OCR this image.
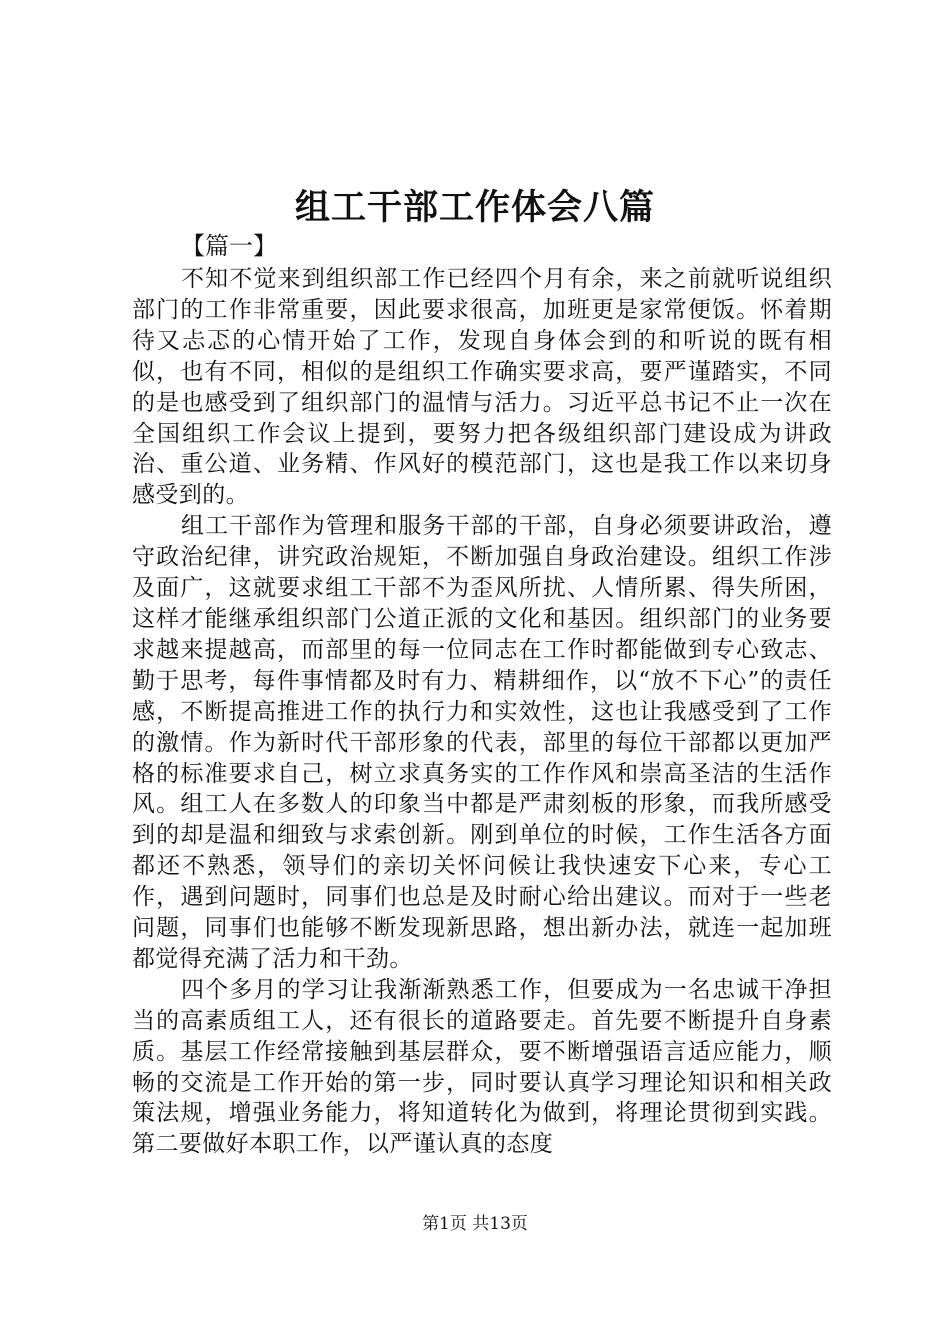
组工干部工作体会八篇

【篇一】

不知不觉来到组织部工作已经四个月有余，来之前就听说组织部门的工作非常重要，因此要求很高，加班更是家常便饭。怀着期待又忐忑的心情开始了工作，发现自身体会到的和听说的既有相似，也有不同，相似的是组织工作确实要求高，要严谨踏实，不同的是也感受到了组织部门的温情与活力。习近平总书记不止一次在全国组织工作会议上提到，要努力把各级组织部门建设成为讲政治、重公道、业务精、作风好的模范部门，这也是我工作以来切身感受到的。

组工干部作为管理和服务干部的干部，自身必须要讲政治，遵守政治纪律，讲究政治规矩，不断加强自身政治建设。组织工作涉及面广，这就要求组工干部不为歪风所扰、人情所累、得失所困，这样才能继承组织部门公道正派的文化和基因。组织部门的业务要求越来提越高，而部里的每一位同志在工作时都能做到专心致志、勤于思考，每件事情都及时有力、精耕细作，以“放不下心”的责任感，不断提高推进工作的执行力和实效性，这也让我感受到了工作的激情。作为新时代干部形象的代表，部里的每位干部都以更加严格的标准要求自己，树立求真务实的工作作风和崇高圣洁的生活作风。组工人在多数人的印象当中都是严肃刻板的形象，而我所感受到的却是温和细致与求索创新。刚到单位的时候，工作生活各方面都还不熟悉，领导们的亲切关怀问候让我快速安下心来，专心工作，遇到问题时，同事们也总是及时耐心给出建议。而对于一些老问题，同事们也能够不断发现新思路，想出新办法，就连一起加班都觉得充满了活力和干劲。

四个多月的学习让我渐渐熟悉工作，但要成为一名忠诚干净担当的高素质组工人，还有很长的道路要走。首先要不断提升自身素质。基层工作经常接触到基层群众，要不断增强语言适应能力，顺畅的交流是工作开始的第一步，同时要认真学习理论知识和相关政策法规，增强业务能力，将知道转化为做到，将理论贯彻到实践。第二要做好本职工作，以严谨认真的态度

第1页 共13页
